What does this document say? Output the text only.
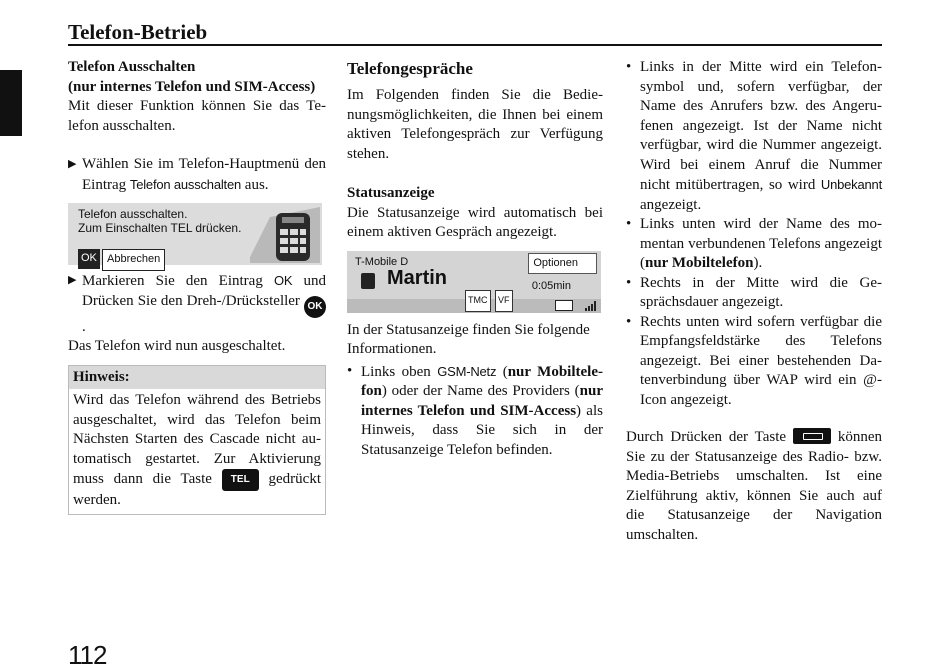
Telefon-Betrieb
Telefon Ausschalten
(nur internes Telefon und SIM-Access)

Mit dieser Funktion können Sie das Telefon ausschalten.

▶ Wählen Sie im Telefon-Hauptmenü den Eintrag Telefon ausschalten aus.
Telefon ausschalten.
Zum Einschalten TEL drücken.
OK Abbrechen
▶ Markieren Sie den Eintrag OK und Drücken Sie den Dreh-/Drücksteller OK.

Das Telefon wird nun ausgeschaltet.

Hinweis:
Wird das Telefon während des Betriebs ausgeschaltet, wird das Telefon beim Nächsten Starten des Cascade nicht automatisch gestartet. Zur Aktivierung muss dann die Taste TEL gedrückt werden.
Telefongespräche

Im Folgenden finden Sie die Bedienungsmöglichkeiten, die Ihnen bei einem aktiven Telefongespräch zur Verfügung stehen.

Statusanzeige

Die Statusanzeige wird automatisch bei einem aktiven Gespräch angezeigt.

T-Mobile D	Optionen
Martin	0:05min
TMC	VF

In der Statusanzeige finden Sie folgende Informationen.

• Links oben GSM-Netz (nur Mobiltelefon) oder der Name des Providers (nur internes Telefon und SIM-Access) als Hinweis, dass Sie sich in der Statusanzeige Telefon befinden.
• Links in der Mitte wird ein Telefonsymbol und, sofern verfügbar, der Name des Anrufers bzw. des Angerufenen angezeigt. Ist der Name nicht verfügbar, wird die Nummer angezeigt. Wird bei einem Anruf die Nummer nicht mitübertragen, so wird Unbekannt angezeigt.
• Links unten wird der Name des momentan verbundenen Telefons angezeigt (nur Mobiltelefon).
• Rechts in der Mitte wird die Gesprächsdauer angezeigt.
• Rechts unten wird sofern verfügbar die Empfangsfeldstärke des Telefons angezeigt. Bei einer bestehenden Datenverbindung über WAP wird ein @-Icon angezeigt.

Durch Drücken der Taste	können Sie zu der Statusanzeige des Radio- bzw. Media-Betriebs umschalten. Ist eine Zielführung aktiv, können Sie auch auf die Statusanzeige der Navigation umschalten.

112
